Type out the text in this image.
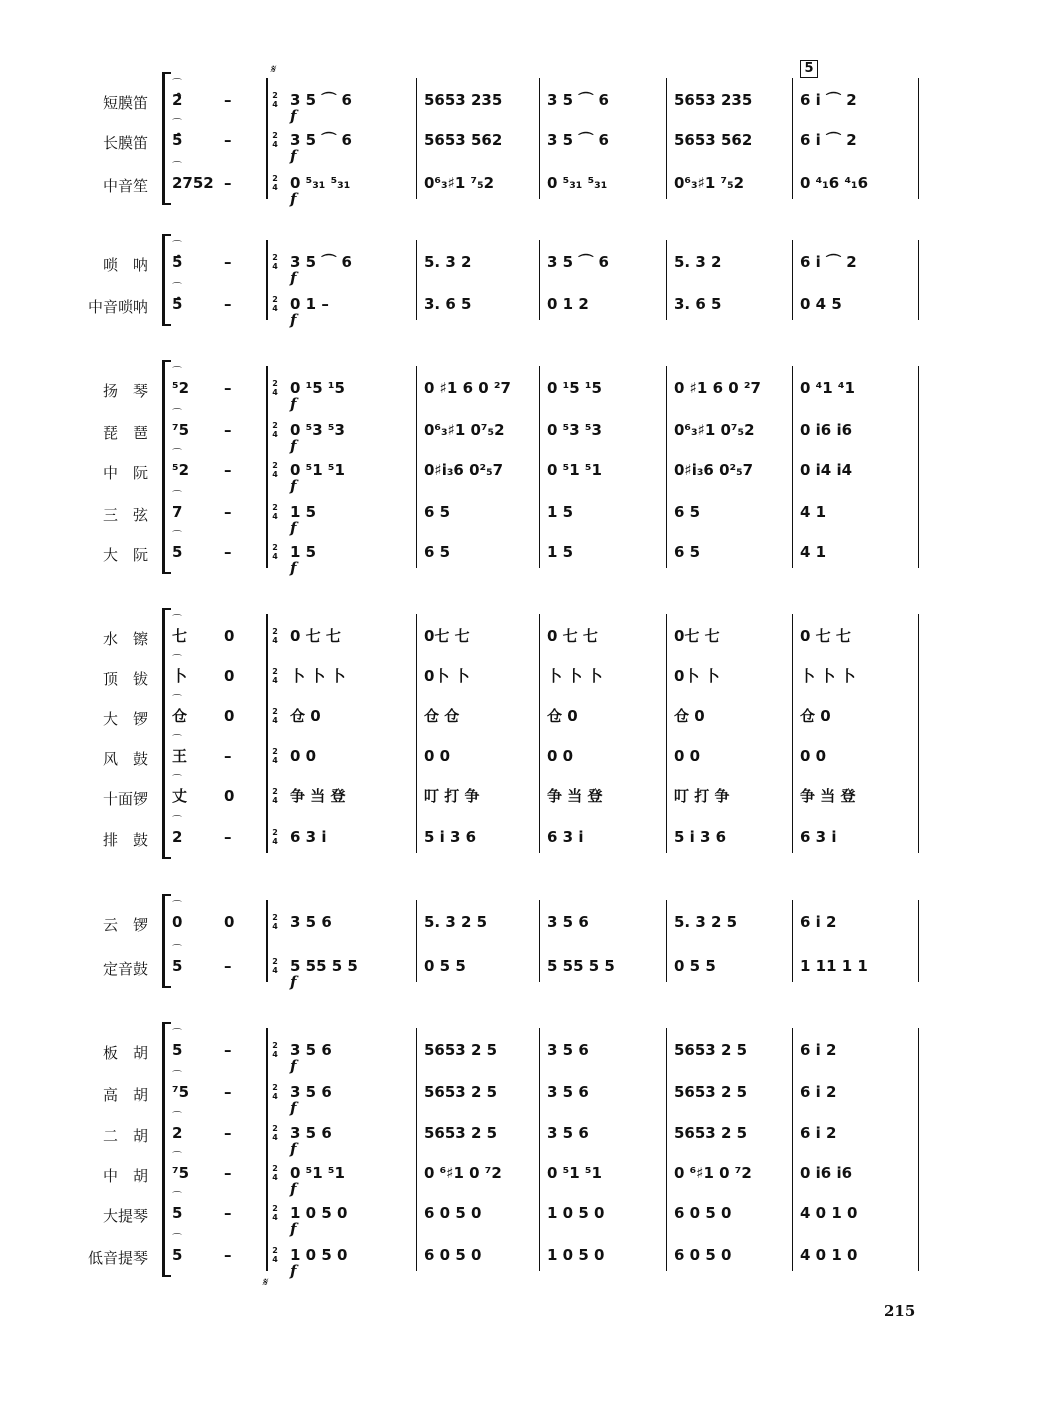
短膜笛
⌒
2̂	–	2
4 3 5 ⌒ 6	5653 235	3 5 ⌒ 6	5653 235	6 i ⌒ 2
f
长膜笛
⌒
5̂	–	2
4 3 5 ⌒ 6	5653 562	3 5 ⌒ 6	5653 562	6 i ⌒ 2
f
中音笙
⌒
2752 –	2
4 0 ⁵₃₁ ⁵₃₁	0⁶₃♯1 ⁷₅2	0 ⁵₃₁ ⁵₃₁	0⁶₃♯1 ⁷₅2	0 ⁴₁6 ⁴₁6
f
唢　呐
⌒
5̂	–	2
4 3 5 ⌒ 6	5. 3 2	3 5 ⌒ 6	5. 3 2	6 i ⌒ 2
f
中音唢呐
⌒
5̂	–	2
4 0 1 –	3. 6 5	0 1 2	3. 6 5	0 4 5
f
扬　琴
⌒
⁵2 –	2
4 0 ¹5 ¹5	0 ♯1 6 0 ²7 0 ¹5 ¹5	0 ♯1 6 0 ²7	0 ⁴1 ⁴1
f
琵　琶
⌒
⁷5 –	2
4 0 ⁵3 ⁵3	0⁶₃♯1 0⁷₅2	0 ⁵3 ⁵3	0⁶₃♯1 0⁷₅2	0 i6 i6
f
中　阮
⌒
⁵2 –	2
4 0 ⁵1 ⁵1	0♯i₃6 0²₅7	0 ⁵1 ⁵1	0♯i₃6 0²₅7	0 i4 i4
f
三　弦
⌒
7	–	2
4 1 5	6 5	1 5	6 5	4 1
f
大　阮
⌒
5	–	2
4 1 5	6 5	1 5	6 5	4 1
f
水　镲
⌒
七 0	2
4 0 七 七	0七 七	0 七 七	0七 七	0 七 七
顶　钹
⌒
卜 0	2
4 卜 卜 卜	0卜 卜	卜 卜 卜	0卜 卜	卜 卜 卜
大　锣
⌒
仓 0	2
4 仓 0	仓 仓	仓 0	仓 0	仓 0
风　鼓
⌒
王 –	2
4 0 0	0 0	0 0	0 0	0 0
十面锣
⌒
丈 0	2
4 争 当 登	叮 打 争	争 当 登	叮 打 争	争 当 登
排　鼓
⌒
2	–	2
4 6 3 i	5 i 3 6	6 3 i	5 i 3 6	6 3 i
云　锣
⌒
0	0	2
4 3 5 6	5. 3 2 5	3 5 6	5. 3 2 5	6 i 2
定音鼓
⌒
5	–	2
4 5 55 5 5	0 5 5	5 55 5 5	0 5 5	1 11 1 1
f
板　胡
⌒
5	–	2
4 3 5 6	5653 2 5	3 5 6	5653 2 5	6 i 2
f
高　胡
⌒
⁷5 –	2
4 3 5 6	5653 2 5	3 5 6	5653 2 5	6 i 2
f
二　胡
⌒
2	–	2
4 3 5 6	5653 2 5	3 5 6	5653 2 5	6 i 2
f
中　胡
⌒
⁷5 –	2
4 0 ⁵1 ⁵1	0 ⁶♯1 0 ⁷2	0 ⁵1 ⁵1	0 ⁶♯1 0 ⁷2	0 i6 i6
f
大提琴
⌒
5	–	2
4 1 0 5 0	6 0 5 0	1 0 5 0	6 0 5 0	4 0 1 0
f
低音提琴
⌒
5	–	2
4 1 0 5 0	6 0 5 0	1 0 5 0	6 0 5 0	4 0 1 0
f
5
𝄋
𝄋
215
